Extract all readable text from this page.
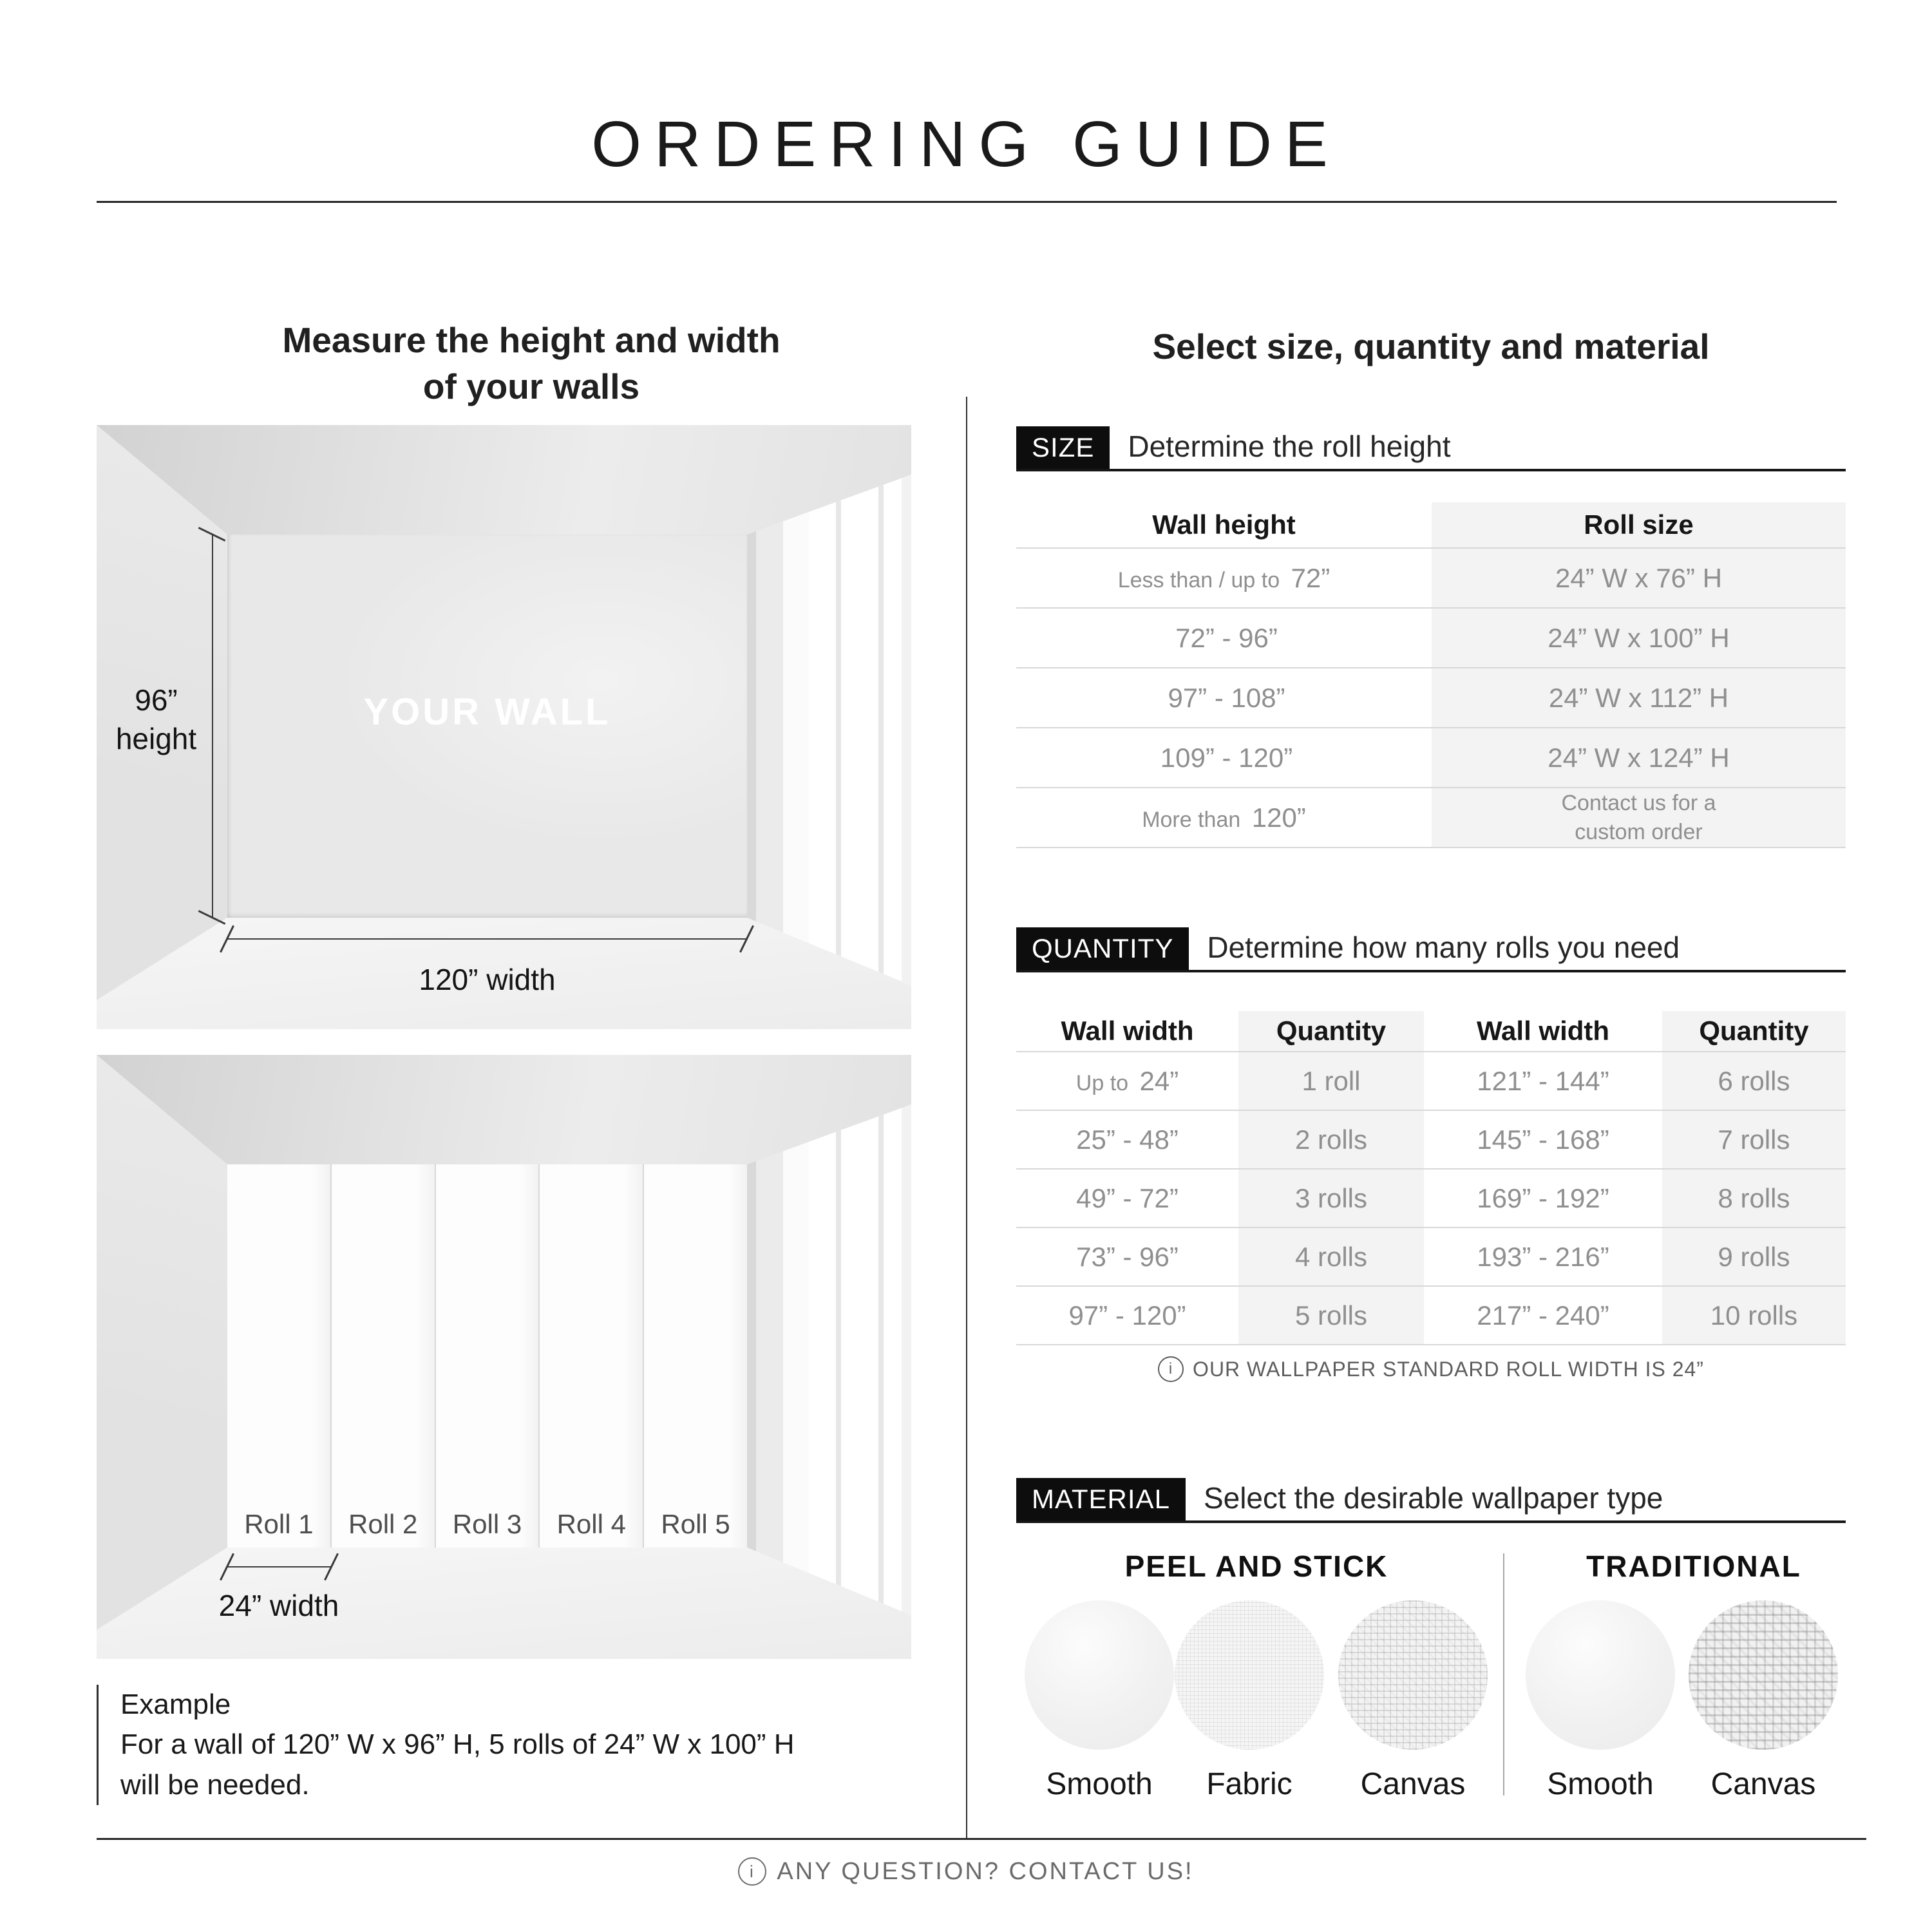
ORDERING GUIDE
Measure the height and width
of your walls
YOUR WALL
96”
height
120” width
Roll 1	Roll 2	Roll 3	Roll 4	Roll 5
24” width
Example
For a wall of 120” W x 96” H, 5 rolls of 24” W x 100” H
will be needed.
Select size, quantity and material
SIZE	Determine the roll height
Wall height	Roll size
Less than / up to 72”	24” W x 76” H
72” - 96”	24” W x 100” H
97” - 108”	24” W x 112” H
109” - 120”	24” W x 124” H
More than 120”	Contact us for a
custom order
QUANTITY	Determine how many rolls you need
Wall width	Quantity	Wall width	Quantity
Up to 24”	1 roll	121” - 144”	6 rolls
25” - 48”	2 rolls	145” - 168”	7 rolls
49” - 72”	3 rolls	169” - 192”	8 rolls
73” - 96”	4 rolls	193” - 216”	9 rolls
97” - 120”	5 rolls	217” - 240”	10 rolls
i OUR WALLPAPER STANDARD ROLL WIDTH IS 24”
MATERIAL	Select the desirable wallpaper type
PEEL AND STICK	TRADITIONAL
Smooth	Fabric	Canvas	Smooth	Canvas
i ANY QUESTION? CONTACT US!
